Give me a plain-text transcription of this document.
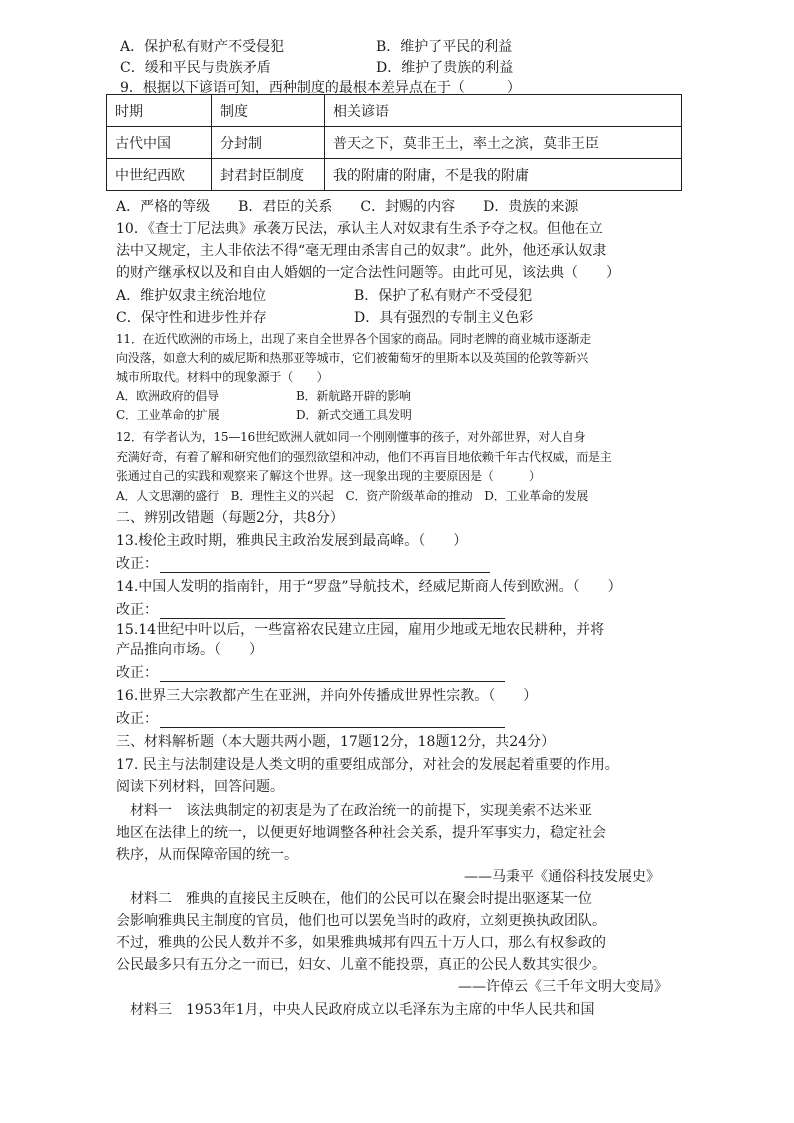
A．保护私有财产不受侵犯	B．维护了平民的利益
C．缓和平民与贵族矛盾	D．维护了贵族的利益
9．根据以下谚语可知，西种制度的最根本差异点在于（　　　）
时期	制度	相关谚语
古代中国	分封制	普天之下，莫非王土，率土之滨，莫非王臣
中世纪西欧	封君封臣制度	我的附庸的附庸，不是我的附庸
A．严格的等级　　B．君臣的关系　　C．封赐的内容　　D．贵族的来源
10．《查士丁尼法典》承袭万民法，承认主人对奴隶有生杀予夺之权。但他在立
法中又规定，主人非依法不得“毫无理由杀害自己的奴隶”。此外，他还承认奴隶
的财产继承权以及和自由人婚姻的一定合法性问题等。由此可见，该法典（　　）
A．维护奴隶主统治地位	B．保护了私有财产不受侵犯
C．保守性和进步性并存	D．具有强烈的专制主义色彩
11．在近代欧洲的市场上，出现了来自全世界各个国家的商品。同时老牌的商业城市逐渐走
向没落，如意大利的威尼斯和热那亚等城市，它们被葡萄牙的里斯本以及英国的伦敦等新兴
城市所取代。材料中的现象源于（　　）
A．欧洲政府的倡导	B．新航路开辟的影响
C．工业革命的扩展	D．新式交通工具发明
12．有学者认为，15—16世纪欧洲人就如同一个刚刚懂事的孩子，对外部世界，对人自身
充满好奇，有着了解和研究他们的强烈欲望和冲动，他们不再盲目地依赖千年古代权威，而是主
张通过自己的实践和观察来了解这个世界。这一现象出现的主要原因是（　　　）
A．人文思潮的盛行　B．理性主义的兴起　C．资产阶级革命的推动　D．工业革命的发展
二、辨别改错题（每题2分，共8分）
13.梭伦主政时期，雅典民主政治发展到最高峰。（　　）
改正：
14.中国人发明的指南针，用于“罗盘”导航技术，经威尼斯商人传到欧洲。（　　）
改正：
15.14世纪中叶以后，一些富裕农民建立庄园，雇用少地或无地农民耕种，并将
产品推向市场。（　　）
改正：
16.世界三大宗教都产生在亚洲，并向外传播成世界性宗教。（　　）
改正：
三、材料解析题（本大题共两小题，17题12分，18题12分，共24分）
17. 民主与法制建设是人类文明的重要组成部分，对社会的发展起着重要的作用。
阅读下列材料，回答问题。
材料一　该法典制定的初衷是为了在政治统一的前提下，实现美索不达米亚
地区在法律上的统一，以便更好地调整各种社会关系，提升军事实力，稳定社会
秩序，从而保障帝国的统一。
——马秉平《通俗科技发展史》
材料二　雅典的直接民主反映在，他们的公民可以在聚会时提出驱逐某一位
会影响雅典民主制度的官员，他们也可以罢免当时的政府，立刻更换执政团队。
不过，雅典的公民人数并不多，如果雅典城邦有四五十万人口，那么有权参政的
公民最多只有五分之一而已，妇女、儿童不能投票，真正的公民人数其实很少。
——许倬云《三千年文明大变局》
材料三　1953年1月，中央人民政府成立以毛泽东为主席的中华人民共和国
